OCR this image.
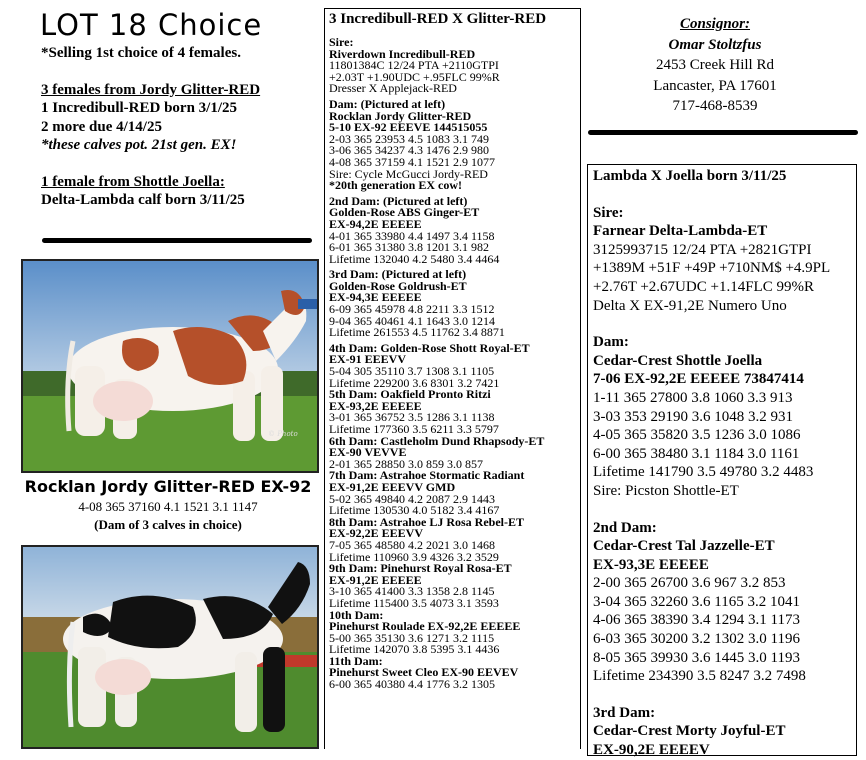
LOT 18 Choice
*Selling 1st choice of 4 females.
3 females from Jordy Glitter-RED
1 Incredibull-RED born 3/1/25
2 more due 4/14/25
*these calves pot. 21st gen. EX!
1 female from Shottle Joella:
Delta-Lambda calf born 3/11/25
© Photo
Rocklan Jordy Glitter-RED EX-92
4-08 365 37160 4.1 1521 3.1 1147
(Dam of 3 calves in choice)
3 Incredibull-RED X Glitter-RED
Sire:
Riverdown Incredibull-RED
11801384C 12/24 PTA +2110GTPI
+2.03T +1.90UDC +.95FLC 99%R
Dresser X Applejack-RED
Dam: (Pictured at left)
Rocklan Jordy Glitter-RED
5-10 EX-92 EEEVE 144515055
2-03 365 23953 4.5 1083 3.1 749
3-06 365 34237 4.3 1476 2.9 980
4-08 365 37159 4.1 1521 2.9 1077
Sire: Cycle McGucci Jordy-RED
*20th generation EX cow!
2nd Dam: (Pictured at left)
Golden-Rose ABS Ginger-ET
EX-94,2E EEEEE
4-01 365 33980 4.4 1497 3.4 1158
6-01 365 31380 3.8 1201 3.1 982
Lifetime 132040 4.2 5480 3.4 4464
3rd Dam: (Pictured at left)
Golden-Rose Goldrush-ET
EX-94,3E EEEEE
6-09 365 45978 4.8 2211 3.3 1512
9-04 365 40461 4.1 1643 3.0 1214
Lifetime 261553 4.5 11762 3.4 8871
4th Dam: Golden-Rose Shott Royal-ET
EX-91 EEEVV
5-04 305 35110 3.7 1308 3.1 1105
Lifetime 229200 3.6 8301 3.2 7421
5th Dam: Oakfield Pronto Ritzi
EX-93,2E EEEEE
3-01 365 36752 3.5 1286 3.1 1138
Lifetime 177360 3.5 6211 3.3 5797
6th Dam: Castleholm Dund Rhapsody-ET
EX-90 VEVVE
2-01 365 28850 3.0 859 3.0 857
7th Dam: Astrahoe Stormatic Radiant
EX-91,2E EEEVV GMD
5-02 365 49840 4.2 2087 2.9 1443
Lifetime 130530 4.0 5182 3.4 4167
8th Dam: Astrahoe LJ Rosa Rebel-ET
EX-92,2E EEEVV
7-05 365 48580 4.2 2021 3.0 1468
Lifetime 110960 3.9 4326 3.2 3529
9th Dam: Pinehurst Royal Rosa-ET
EX-91,2E EEEEE
3-10 365 41400 3.3 1358 2.8 1145
Lifetime 115400 3.5 4073 3.1 3593
10th Dam:
Pinehurst Roulade EX-92,2E EEEEE
5-00 365 35130 3.6 1271 3.2 1115
Lifetime 142070 3.8 5395 3.1 4436
11th Dam:
Pinehurst Sweet Cleo EX-90 EEVEV
6-00 365 40380 4.4 1776 3.2 1305
Consignor:
Omar Stoltzfus
2453 Creek Hill Rd
Lancaster, PA 17601
717-468-8539
Lambda X Joella born 3/11/25
Sire:
Farnear Delta-Lambda-ET
3125993715 12/24 PTA +2821GTPI
+1389M +51F +49P +710NM$ +4.9PL
+2.76T +2.67UDC +1.14FLC 99%R
Delta X EX-91,2E Numero Uno
Dam:
Cedar-Crest Shottle Joella
7-06 EX-92,2E EEEEE 73847414
1-11 365 27800 3.8 1060 3.3 913
3-03 353 29190 3.6 1048 3.2 931
4-05 365 35820 3.5 1236 3.0 1086
6-00 365 38480 3.1 1184 3.0 1161
Lifetime 141790 3.5 49780 3.2 4483
Sire: Picston Shottle-ET
2nd Dam:
Cedar-Crest Tal Jazzelle-ET
EX-93,3E EEEEE
2-00 365 26700 3.6 967 3.2 853
3-04 365 32260 3.6 1165 3.2 1041
4-06 365 38390 3.4 1294 3.1 1173
6-03 365 30200 3.2 1302 3.0 1196
8-05 365 39930 3.6 1445 3.0 1193
Lifetime 234390 3.5 8247 3.2 7498
3rd Dam:
Cedar-Crest Morty Joyful-ET
EX-90,2E EEEEV
